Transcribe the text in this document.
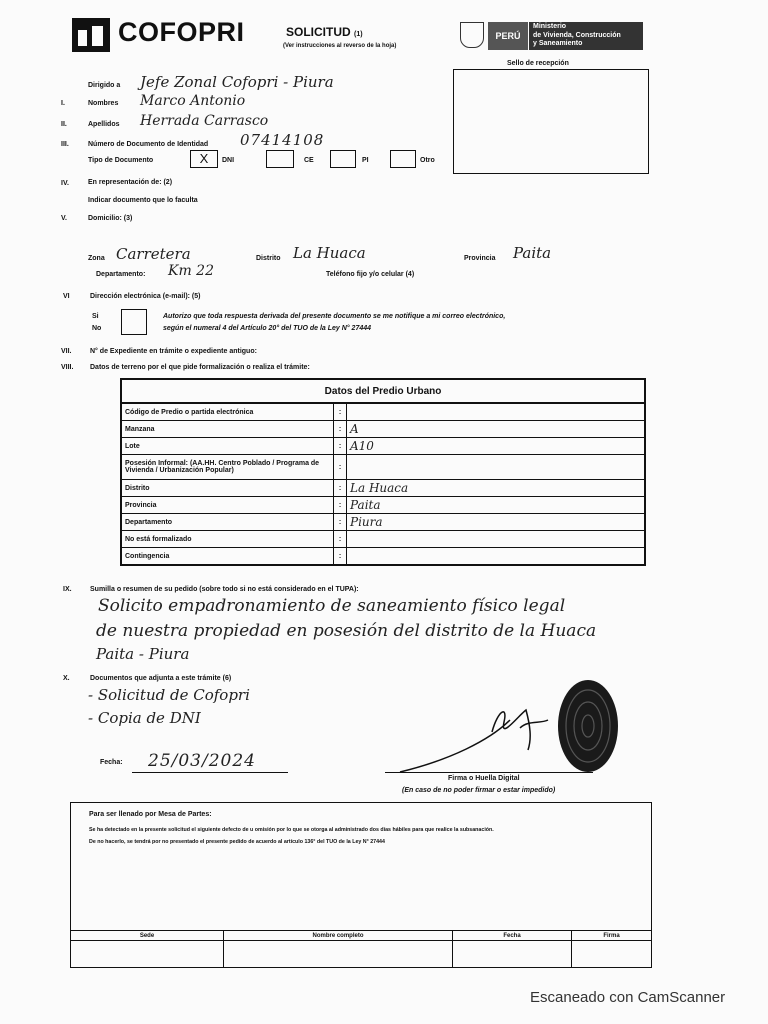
COFOPRI	SOLICITUD (1)
(Ver instrucciones al reverso de la hoja)
PERÚ
Ministerio
de Vivienda, Construcción
y Saneamiento
Sello de recepción
Dirigido a Jefe Zonal Cofopri - Piura
I.	Nombres Marco Antonio
II.	Apellidos Herrada Carrasco
III.	Número de Documento de Identidad 07414108
Tipo de Documento	X	DNI	CE	PI	Otro
IV.	En representación de: (2)
Indicar documento que lo faculta
V.	Domicilio: (3)
Zona Carretera	Distrito La Huaca	Provincia Paita
Departamento: Km 22	Teléfono fijo y/o celular (4)
VI	Dirección electrónica (e-mail): (5)
Si
No
Autorizo que toda respuesta derivada del presente documento se me notifique a mi correo electrónico,
según el numeral 4 del Artículo 20° del TUO de la Ley N° 27444
VII.	N° de Expediente en trámite o expediente antiguo:
VIII. Datos de terreno por el que pide formalización o realiza el trámite:
Datos del Predio Urbano		
Código de Predio o partida electrónica	:	
Manzana	:	A
Lote	:	A10
Posesión Informal: (AA.HH. Centro Poblado / Programa de Vivienda / Urbanización Popular)	:	
Distrito	:	La Huaca
Provincia	:	Paita
Departamento	:	Piura
No está formalizado	:	
Contingencia	:	
IX.	Sumilla o resumen de su pedido (sobre todo si no está considerado en el TUPA):
Solicito empadronamiento de saneamiento físico legal
de nuestra propiedad en posesión del distrito de la Huaca
Paita - Piura
X.	Documentos que adjunta a este trámite (6)
- Solicitud de Cofopri
- Copia de DNI
Fecha: 25/03/2024
Firma o Huella Digital
(En caso de no poder firmar o estar impedido)
Para ser llenado por Mesa de Partes:
Se ha detectado en la presente solicitud el siguiente defecto de u omisión por lo que se otorga al administrado dos días hábiles para que realice la subsanación.
De no hacerlo, se tendrá por no presentado el presente pedido de acuerdo al artículo 136° del TUO de la Ley N° 27444
Sede	Nombre completo	Fecha	Firma

Escaneado con CamScanner
